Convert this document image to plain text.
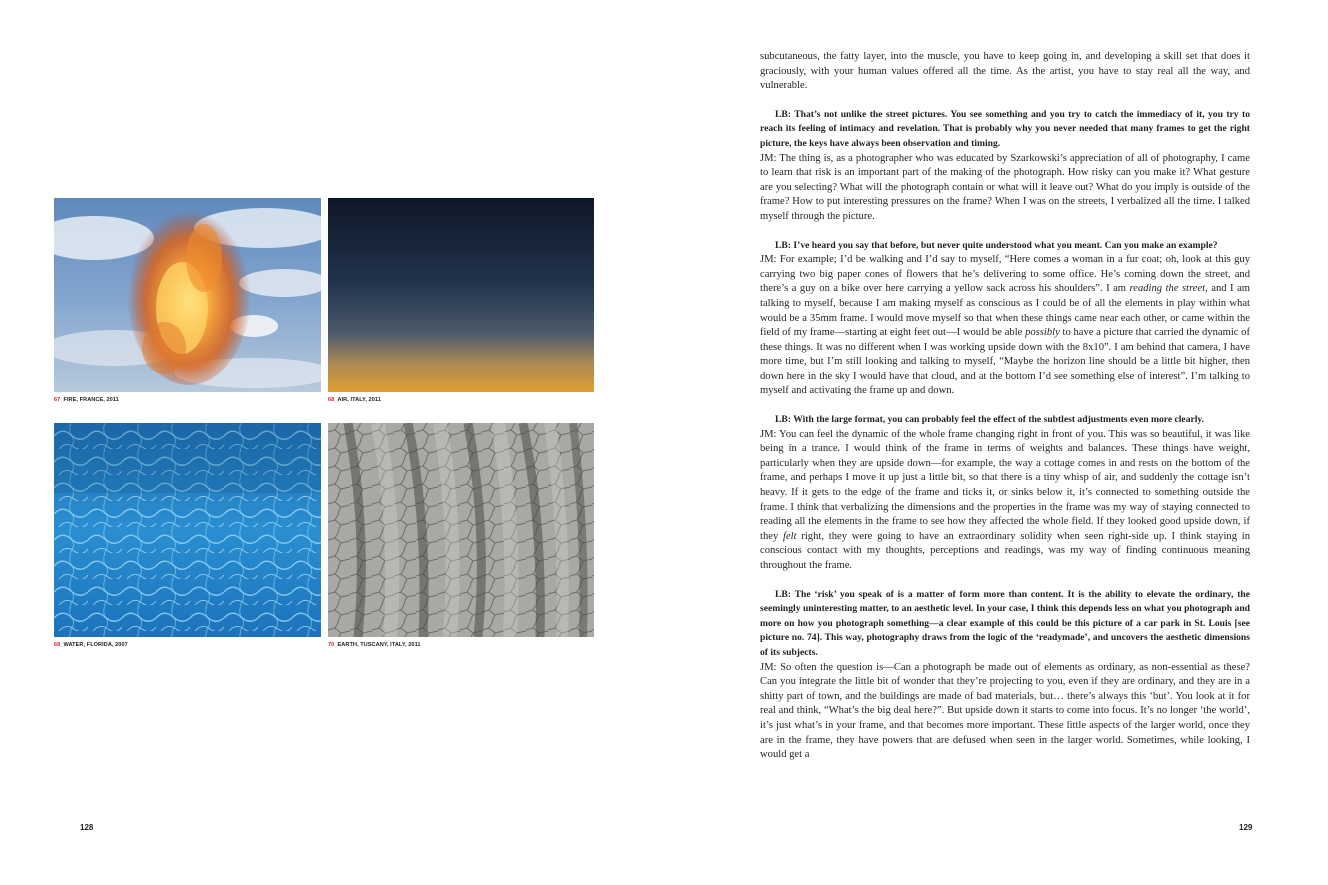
67_FIRE, FRANCE, 2011	68_AIR, ITALY, 2011
69_WATER, FLORIDA, 2007	70_EARTH, TUSCANY, ITALY, 2011
128

subcutaneous, the fatty layer, into the muscle, you have to keep going in, and developing a skill set that does it graciously, with your human values offered all the time. As the artist, you have to stay real all the way, and vulnerable.

LB: That’s not unlike the street pictures. You see something and you try to catch the immediacy of it, you try to reach its feeling of intimacy and revelation. That is probably why you never needed that many frames to get the right picture, the keys have always been observation and timing.

JM: The thing is, as a photographer who was educated by Szarkowski’s appreciation of all of photography, I came to learn that risk is an important part of the making of the photograph. How risky can you make it? What gesture are you selecting? What will the photograph contain or what will it leave out? What do you imply is outside of the frame? How to put interesting pressures on the frame? When I was on the streets, I verbalized all the time. I talked myself through the picture.

LB: I’ve heard you say that before, but never quite understood what you meant. Can you make an example?

JM: For example; I’d be walking and I’d say to myself, “Here comes a woman in a fur coat; oh, look at this guy carrying two big paper cones of flowers that he’s delivering to some office. He’s coming down the street, and there’s a guy on a bike over here carrying a yellow sack across his shoulders”. I am reading the street, and I am talking to myself, because I am making myself as conscious as I could be of all the elements in play within what would be a 35mm frame. I would move myself so that when these things came near each other, or came within the field of my frame—starting at eight feet out—I would be able possibly to have a picture that carried the dynamic of these things. It was no different when I was working upside down with the 8x10”. I am behind that camera, I have more time, but I’m still looking and talking to myself, “Maybe the horizon line should be a little bit higher, then down here in the sky I would have that cloud, and at the bottom I’d see something else of interest”. I’m talking to myself and activating the frame up and down.

LB: With the large format, you can probably feel the effect of the subtlest adjustments even more clearly.

JM: You can feel the dynamic of the whole frame changing right in front of you. This was so beautiful, it was like being in a trance. I would think of the frame in terms of weights and balances. These things have weight, particularly when they are upside down—for example, the way a cottage comes in and rests on the bottom of the frame, and perhaps I move it up just a little bit, so that there is a tiny whisp of air, and suddenly the cottage isn’t heavy. If it gets to the edge of the frame and ticks it, or sinks below it, it’s connected to something outside the frame. I think that verbalizing the dimensions and the properties in the frame was my way of staying connected to reading all the elements in the frame to see how they affected the whole field. If they looked good upside down, if they felt right, they were going to have an extraordinary solidity when seen right-side up. I think staying in conscious contact with my thoughts, perceptions and readings, was my way of finding continuous meaning throughout the frame.

LB: The ‘risk’ you speak of is a matter of form more than content. It is the ability to elevate the ordinary, the seemingly uninteresting matter, to an aesthetic level. In your case, I think this depends less on what you photograph and more on how you photograph something—a clear example of this could be this picture of a car park in St. Louis [see picture no. 74]. This way, photography draws from the logic of the ‘readymade’, and uncovers the aesthetic dimensions of its subjects.

JM: So often the question is—Can a photograph be made out of elements as ordinary, as non-essential as these? Can you integrate the little bit of wonder that they’re projecting to you, even if they are ordinary, and they are in a shitty part of town, and the buildings are made of bad materials, but… there’s always this ‘but’. You look at it for real and think, “What’s the big deal here?”. But upside down it starts to come into focus. It’s no longer ‘the world’, it’s just what’s in your frame, and that becomes more important. These little aspects of the larger world, once they are in the frame, they have powers that are defused when seen in the larger world. Sometimes, while looking, I would get a

129
